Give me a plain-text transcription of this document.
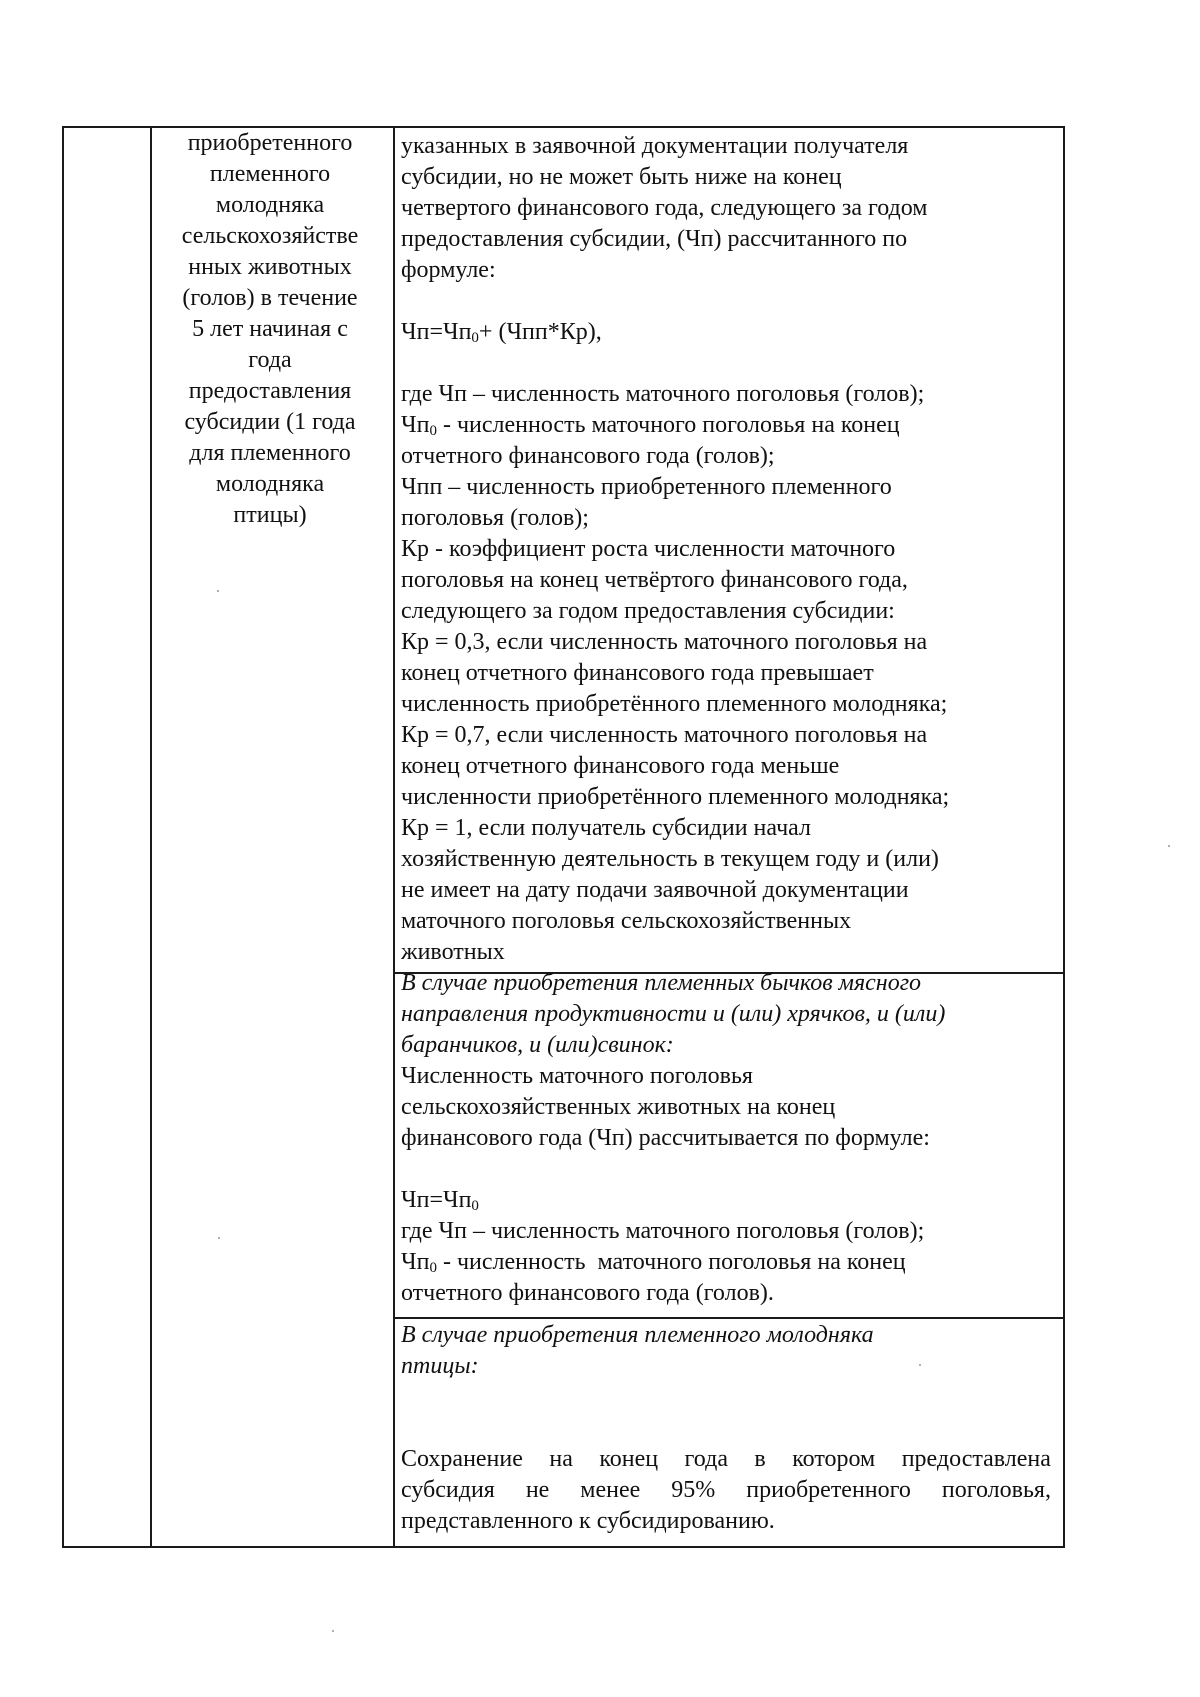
приобретенного
племенного
молодняка
сельскохозяйстве
нных животных
(голов) в течение
5 лет начиная с
года
предоставления
субсидии (1 года
для племенного
молодняка
птицы)
указанных в заявочной документации получателя
субсидии, но не может быть ниже на конец
четвертого финансового года, следующего за годом
предоставления субсидии, (Чп) рассчитанного по
формуле:
$Чп=Чп_0+ (Чпп*Кр)$,
где Чп – численность маточного поголовья (голов);
$Чп_0$ - численность маточного поголовья на конец
отчетного финансового года (голов);
Чпп – численность приобретенного племенного
поголовья (голов);
Кр - коэффициент роста численности маточного
поголовья на конец четвёртого финансового года,
следующего за годом предоставления субсидии:
Кр = 0,3, если численность маточного поголовья на
конец отчетного финансового года превышает
численность приобретённого племенного молодняка;
Кр = 0,7, если численность маточного поголовья на
конец отчетного финансового года меньше
численности приобретённого племенного молодняка;
Кр = 1, если получатель субсидии начал
хозяйственную деятельность в текущем году и (или)
не имеет на дату подачи заявочной документации
маточного поголовья сельскохозяйственных
животных
В случае приобретения племенных бычков мясного
направления продуктивности и (или) хрячков, и (или)
баранчиков, и (или)свинок:
Численность маточного поголовья
сельскохозяйственных животных на конец
финансового года (Чп) рассчитывается по формуле:
$Чп=Чп_0$
где Чп – численность маточного поголовья (голов);
$Чп_0$ - численность  маточного поголовья на конец
отчетного финансового года (голов).
В случае приобретения племенного молодняка
птицы:
Сохранение на конец года в котором предоставлена
субсидия не менее 95% приобретенного поголовья,
представленного к субсидированию.
